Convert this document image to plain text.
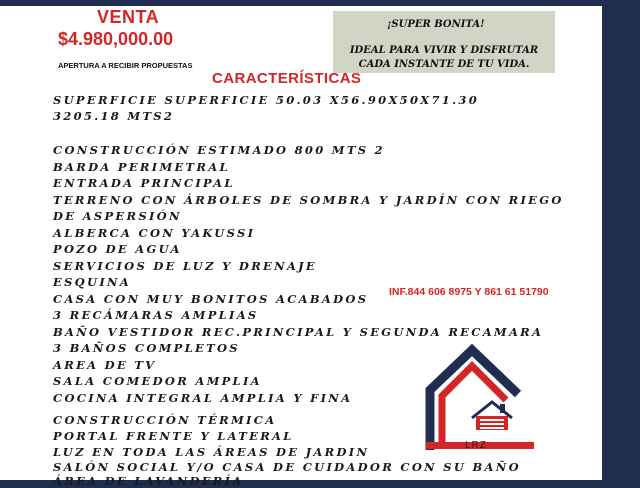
VENTA
$4.980,000.00
APERTURA A RECIBIR PROPUESTAS
¡SUPER BONITA!
IDEAL PARA VIVIR Y DISFRUTAR
CADA INSTANTE DE TU VIDA.
CARACTERÍSTICAS
SUPERFICIE SUPERFICIE 50.03 X56.90X50X71.30
3205.18 MTS2
CONSTRUCCIÓN ESTIMADO 800 MTS 2
BARDA PERIMETRAL
ENTRADA PRINCIPAL
TERRENO CON ÁRBOLES DE SOMBRA Y JARDÍN CON RIEGO
DE ASPERSIÓN
ALBERCA CON YAKUSSI
POZO DE AGUA
SERVICIOS DE LUZ Y DRENAJE
ESQUINA
CASA CON MUY BONITOS ACABADOS
3 RECÁMARAS AMPLIAS
BAÑO VESTIDOR REC.PRINCIPAL Y SEGUNDA RECAMARA
3 BAÑOS COMPLETOS
AREA DE TV
SALA COMEDOR AMPLIA
COCINA INTEGRAL AMPLIA Y FINA
CONSTRUCCIÓN TÉRMICA
PORTAL FRENTE Y LATERAL
LUZ EN TODA LAS ÁREAS DE JARDIN
SALÓN SOCIAL Y/O CASA DE CUIDADOR CON SU BAÑO
ÁREA DE LAVANDERÍA
INF.844 606 8975 Y 861 61 51790
LRZ
